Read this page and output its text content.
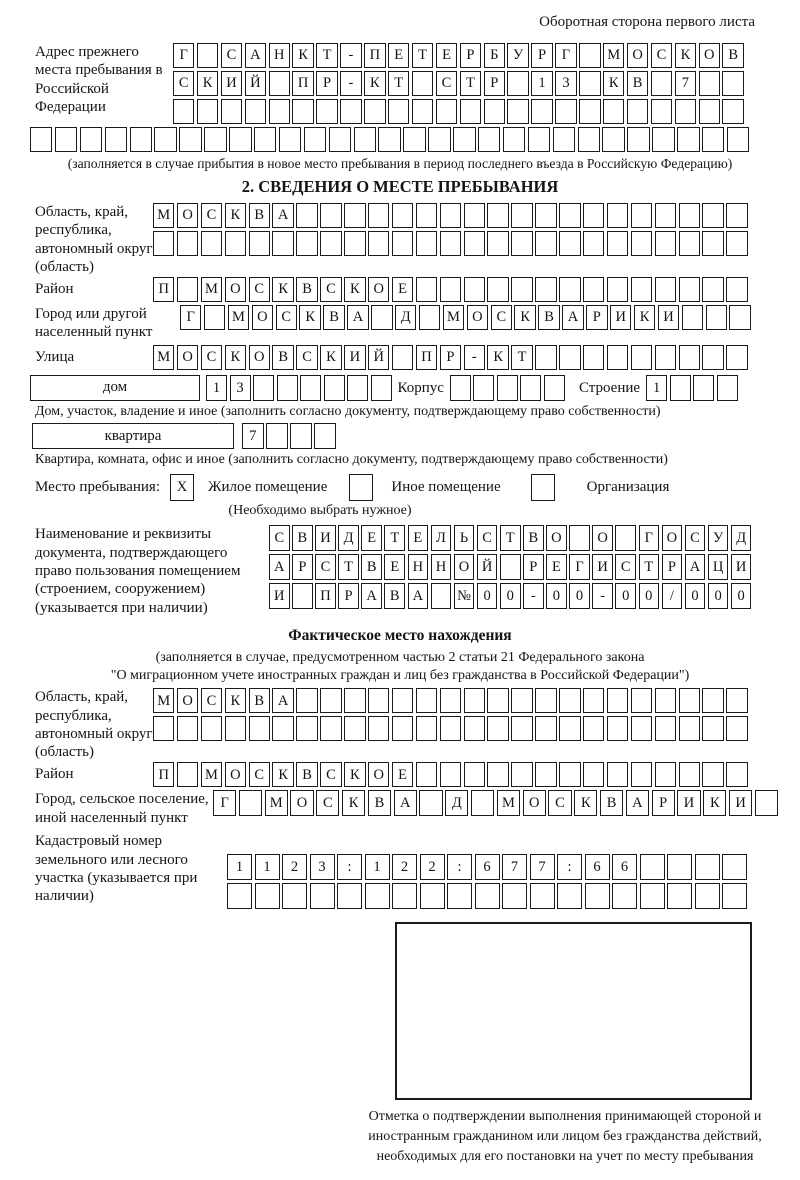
Оборотная сторона первого листа
Адрес прежнего места пребывания в Российской Федерации
Г	С А Н К	Т	-	П Е	Т	Е	Р	Б	У	Р	Г	М О С К О В
С К И Й	П	Р	-	К	Т	С	Т	Р	1	3	К В	7
(заполняется в случае прибытия в новое место пребывания в период последнего въезда в Российскую Федерацию)
2. СВЕДЕНИЯ О МЕСТЕ ПРЕБЫВАНИЯ
Область, край, республика, автономный округ (область)
М О С К В А
Район	П	М О С К В С К О Е
Город или другой населенный пункт
Г	М О С К В А	Д	М О С К В А	Р	И К И
Улица	М О С К О В С К И Й	П	Р	-	К	Т
дом	1	3	Корпус	Строение 1
Дом, участок, владение и иное (заполнить согласно документу, подтверждающему право собственности)
квартира	7
Квартира, комната, офис и иное (заполнить согласно документу, подтверждающему право собственности)
Место пребывания:	X	Жилое помещение	Иное помещение	Организация
(Необходимо выбрать нужное)
Наименование и реквизиты документа, подтверждающего право пользования помещением (строением, сооружением) (указывается при наличии)
С В И Д Е Т Е Л Ь С Т В О	О	Г О С У Д
А Р С Т В Е Н Н О Й	Р	Е Г И С Т	Р А Ц И
И	П Р А В А	№ 0	0	-	0	0	-	0	0	/	0	0	0
Фактическое место нахождения
(заполняется в случае, предусмотренном частью 2 статьи 21 Федерального закона
"О миграционном учете иностранных граждан и лиц без гражданства в Российской Федерации")
Область, край, республика, автономный округ (область)
М О С К В А
Район	П	М О С К В С К О Е
Город, сельское поселение, иной населенный пункт
Г	М О	С	К	В	А	Д	М О	С	К	В	А	Р	И	К	И
Кадастровый номер земельного или лесного участка (указывается при наличии)
1	1	2	3	:	1	2	2	:	6	7	7	:	6	6
Отметка о подтверждении выполнения принимающей стороной и иностранным гражданином или лицом без гражданства действий, необходимых для его постановки на учет по месту пребывания
